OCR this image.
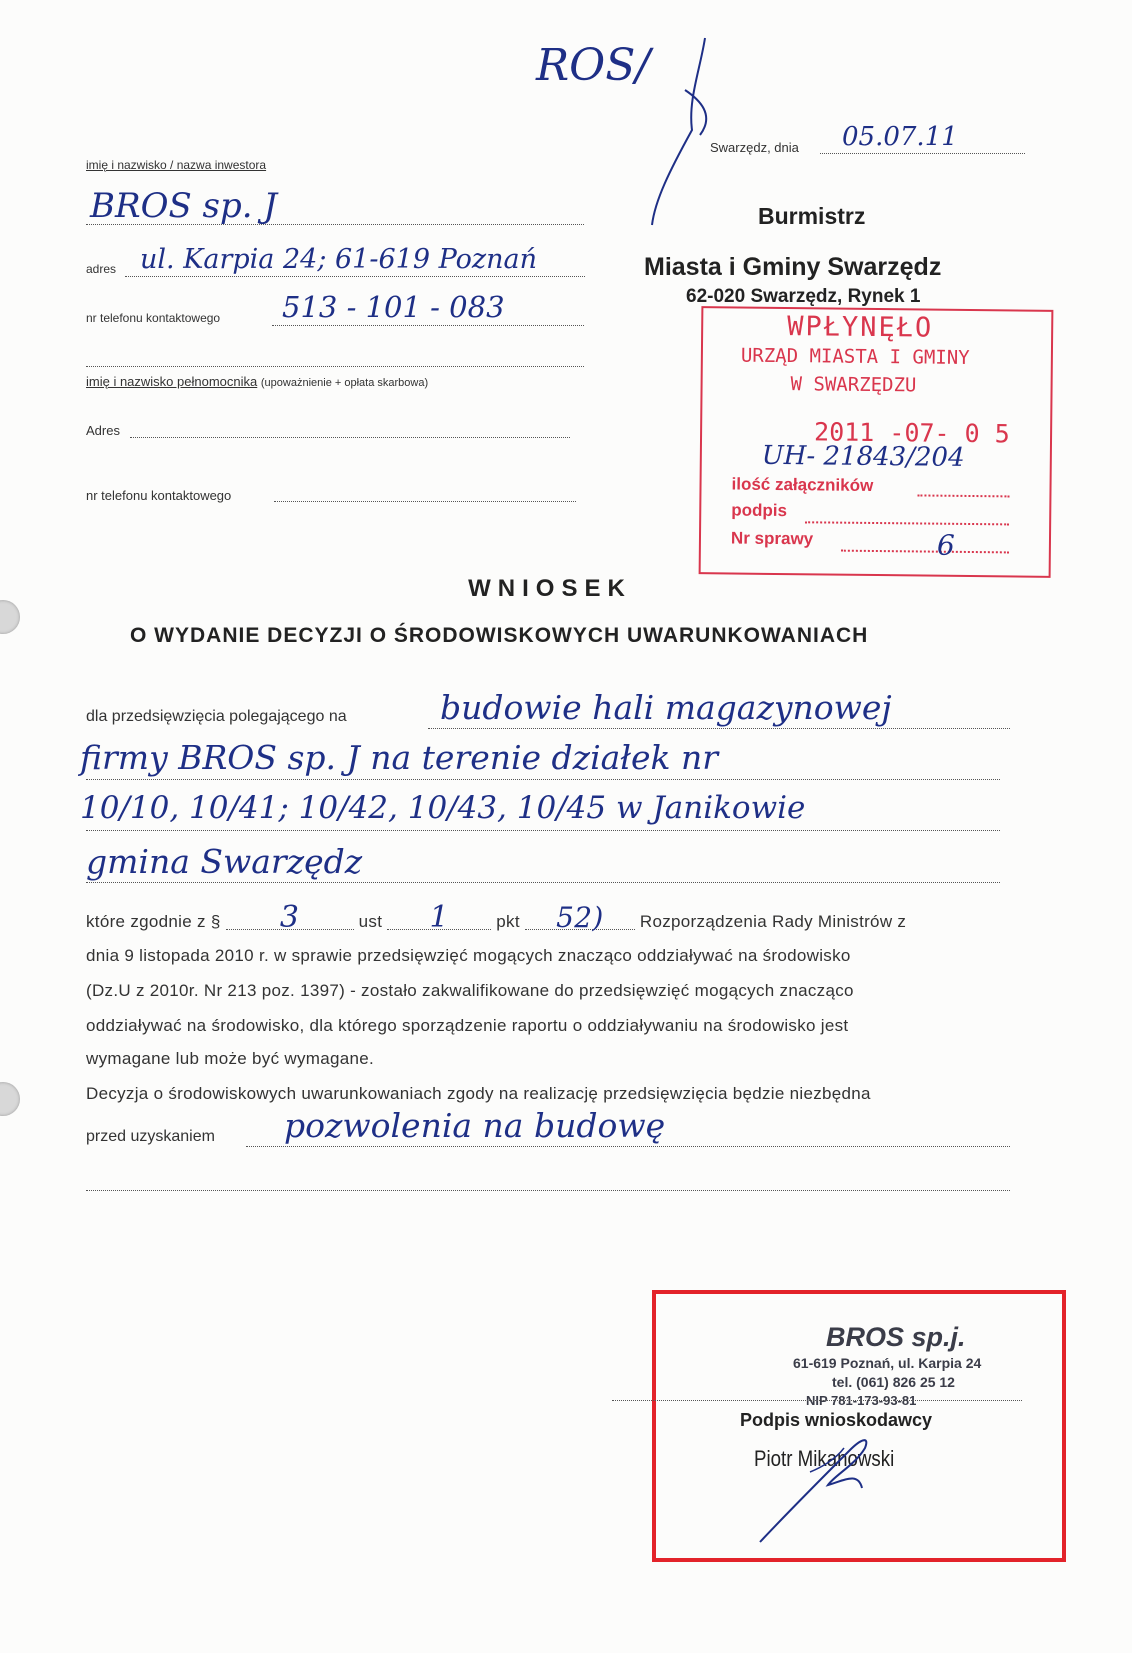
ROS/
Swarzędz, dnia 05.07.11
imię i nazwisko / nazwa inwestora
BROS sp. J
adres ul. Karpia 24; 61-619 Poznań
nr telefonu kontaktowego 513 - 101 - 083
imię i nazwisko pełnomocnika (upoważnienie + opłata skarbowa)
Adres
nr telefonu kontaktowego
Burmistrz
Miasta i Gminy Swarzędz
62-020 Swarzędz, Rynek 1
WPŁYNĘŁO
URZĄD MIASTA I GMINY
W SWARZĘDZU
2011 -07- 0 5
UH- 21843/204
ilość załączników
podpis
Nr sprawy	6
WNIOSEK
O WYDANIE DECYZJI O ŚRODOWISKOWYCH UWARUNKOWANIACH
dla przedsięwzięcia polegającego na	budowie hali magazynowej
firmy BROS sp. J na terenie działek nr
10/10, 10/41; 10/42, 10/43, 10/45 w Janikowie
gmina Swarzędz
które zgodnie z § 3	ust 1	pkt 52) Rozporządzenia Rady Ministrów z
dnia 9 listopada 2010 r. w sprawie przedsięwzięć mogących znacząco oddziaływać na środowisko
(Dz.U z 2010r. Nr 213 poz. 1397) - zostało zakwalifikowane do przedsięwzięć mogących znacząco
oddziaływać na środowisko, dla którego sporządzenie raportu o oddziaływaniu na środowisko jest
wymagane lub może być wymagane.
Decyzja o środowiskowych uwarunkowaniach zgody na realizację przedsięwzięcia będzie niezbędna
przed uzyskaniem pozwolenia na budowę
BROS sp.j.
61-619 Poznań, ul. Karpia 24
tel. (061) 826 25 12
NIP 781-173-93-81
Podpis wnioskodawcy
Piotr Mikanowski
